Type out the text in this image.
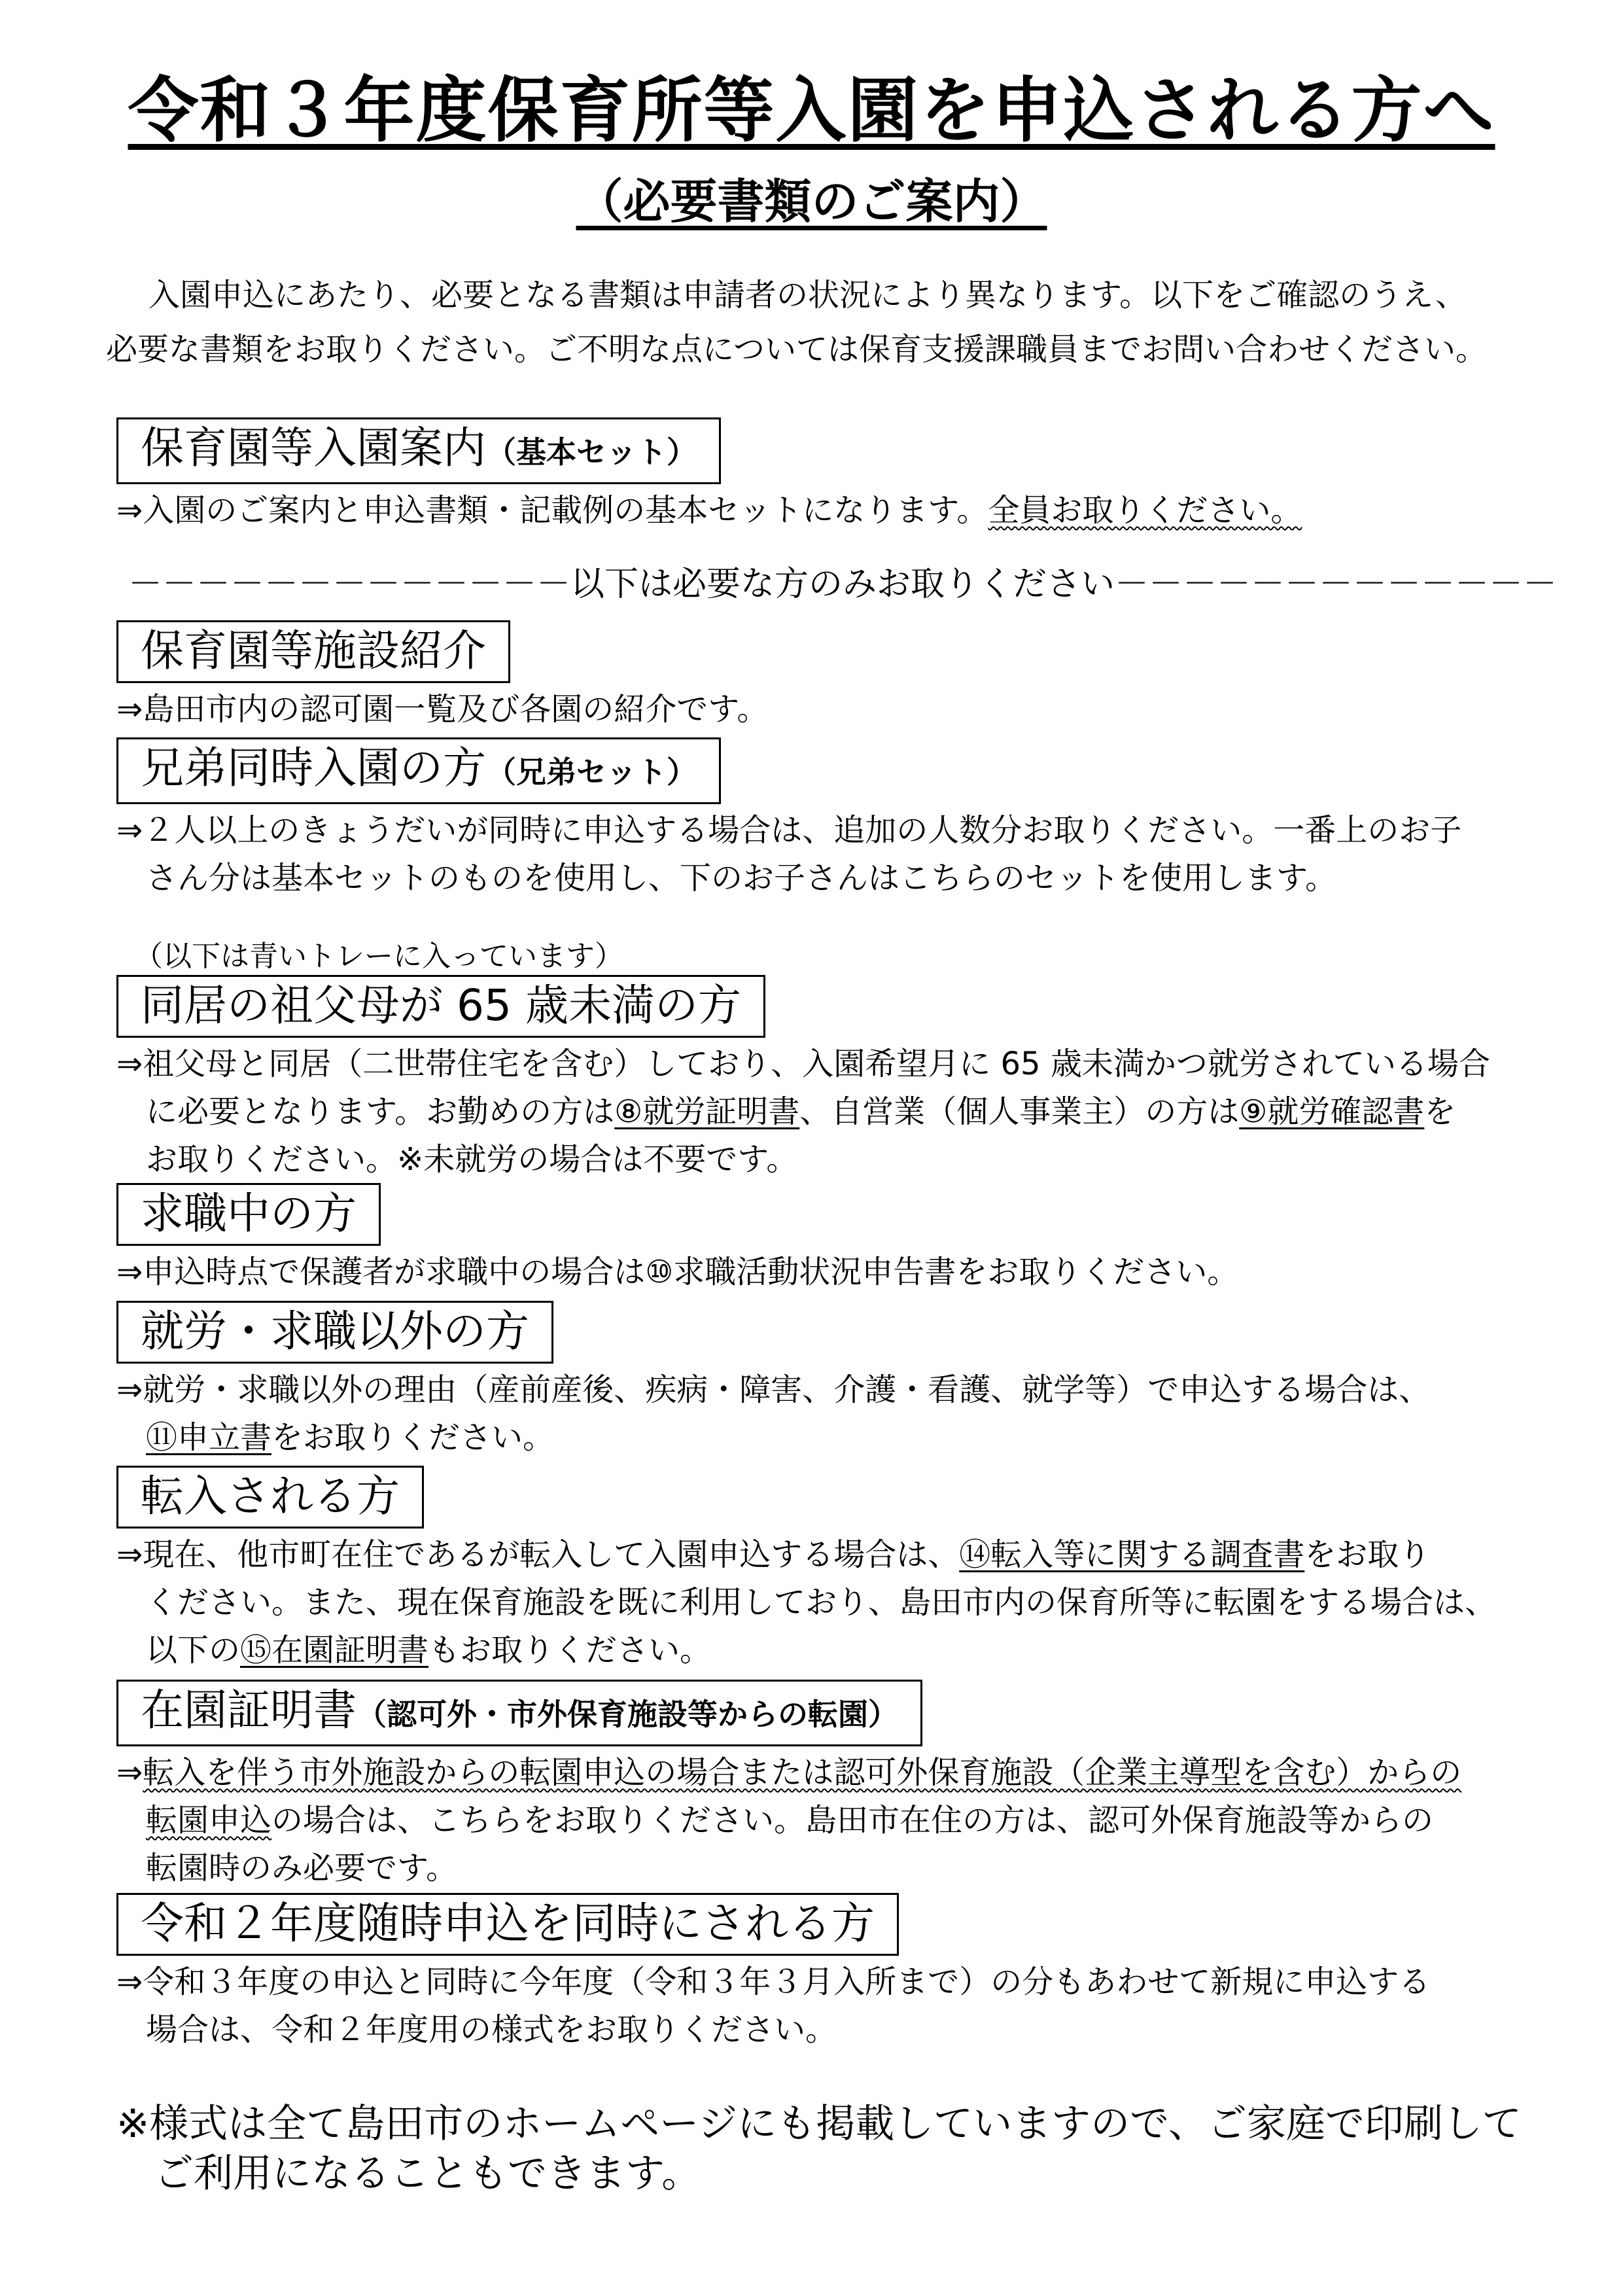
令和３年度保育所等入園を申込される方へ
（必要書類のご案内）

入園申込にあたり、必要となる書類は申請者の状況により異なります。以下をご確認のうえ、

必要な書類をお取りください。ご不明な点については保育支援課職員までお問い合わせください。

保育園等入園案内（基本セット）

⇒入園のご案内と申込書類・記載例の基本セットになります。全員お取りください。

－－－－－－－－－－－－－以下は必要な方のみお取りください－－－－－－－－－－－－－
保育園等施設紹介

⇒島田市内の認可園一覧及び各園の紹介です。

兄弟同時入園の方（兄弟セット）

⇒２人以上のきょうだいが同時に申込する場合は、追加の人数分お取りください。一番上のお子

さん分は基本セットのものを使用し、下のお子さんはこちらのセットを使用します。

（以下は青いトレーに入っています）
同居の祖父母が 65 歳未満の方

⇒祖父母と同居（二世帯住宅を含む）しており、入園希望月に 65 歳未満かつ就労されている場合

に必要となります。お勤めの方は⑧就労証明書、自営業（個人事業主）の方は⑨就労確認書を

お取りください。※未就労の場合は不要です。

求職中の方

⇒申込時点で保護者が求職中の場合は⑩求職活動状況申告書をお取りください。

就労・求職以外の方

⇒就労・求職以外の理由（産前産後、疾病・障害、介護・看護、就学等）で申込する場合は、

⑪申立書をお取りください。

転入される方

⇒現在、他市町在住であるが転入して入園申込する場合は、⑭転入等に関する調査書をお取り

ください。また、現在保育施設を既に利用しており、島田市内の保育所等に転園をする場合は、

以下の⑮在園証明書もお取りください。

在園証明書（認可外・市外保育施設等からの転園）

⇒転入を伴う市外施設からの転園申込の場合または認可外保育施設（企業主導型を含む）からの

転園申込の場合は、こちらをお取りください。島田市在住の方は、認可外保育施設等からの

転園時のみ必要です。

令和２年度随時申込を同時にされる方

⇒令和３年度の申込と同時に今年度（令和３年３月入所まで）の分もあわせて新規に申込する

場合は、令和２年度用の様式をお取りください。

※様式は全て島田市のホームページにも掲載していますので、ご家庭で印刷して

ご利用になることもできます。
